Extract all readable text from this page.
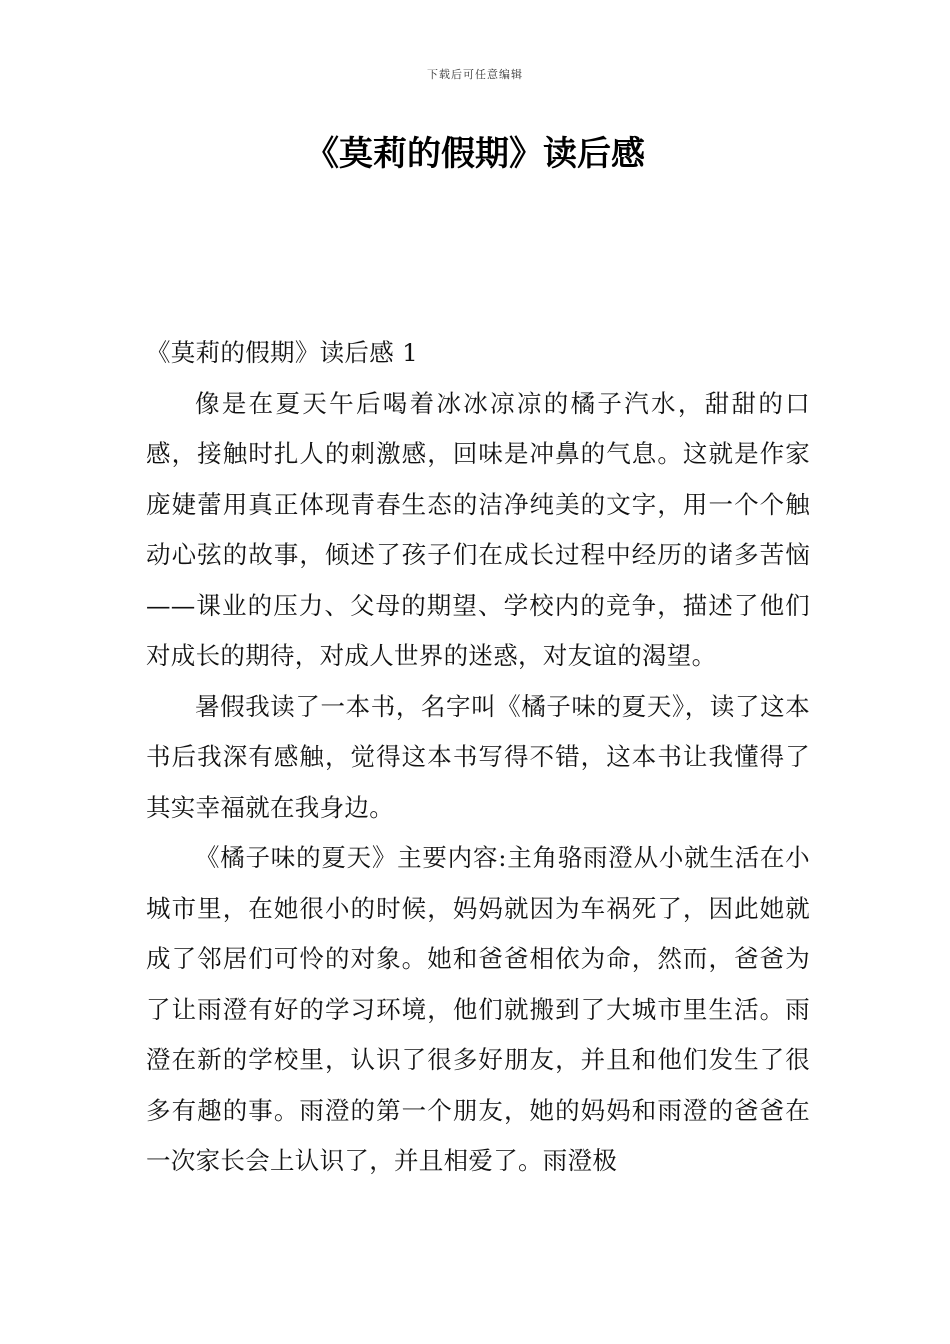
下载后可任意编辑
《莫莉的假期》读后感

《莫莉的假期》读后感 1

像是在夏天午后喝着冰冰凉凉的橘子汽水，甜甜的口感，接触时扎人的刺激感，回味是冲鼻的气息。这就是作家庞婕蕾用真正体现青春生态的洁净纯美的文字，用一个个触动心弦的故事，倾述了孩子们在成长过程中经历的诸多苦恼——课业的压力、父母的期望、学校内的竞争，描述了他们对成长的期待，对成人世界的迷惑，对友谊的渴望。

暑假我读了一本书，名字叫《橘子味的夏天》，读了这本书后我深有感触，觉得这本书写得不错，这本书让我懂得了其实幸福就在我身边。

《橘子味的夏天》主要内容:主角骆雨澄从小就生活在小城市里，在她很小的时候，妈妈就因为车祸死了，因此她就成了邻居们可怜的对象。她和爸爸相依为命，然而，爸爸为了让雨澄有好的学习环境，他们就搬到了大城市里生活。雨澄在新的学校里，认识了很多好朋友，并且和他们发生了很多有趣的事。雨澄的第一个朋友，她的妈妈和雨澄的爸爸在一次家长会上认识了，并且相爱了。雨澄极
